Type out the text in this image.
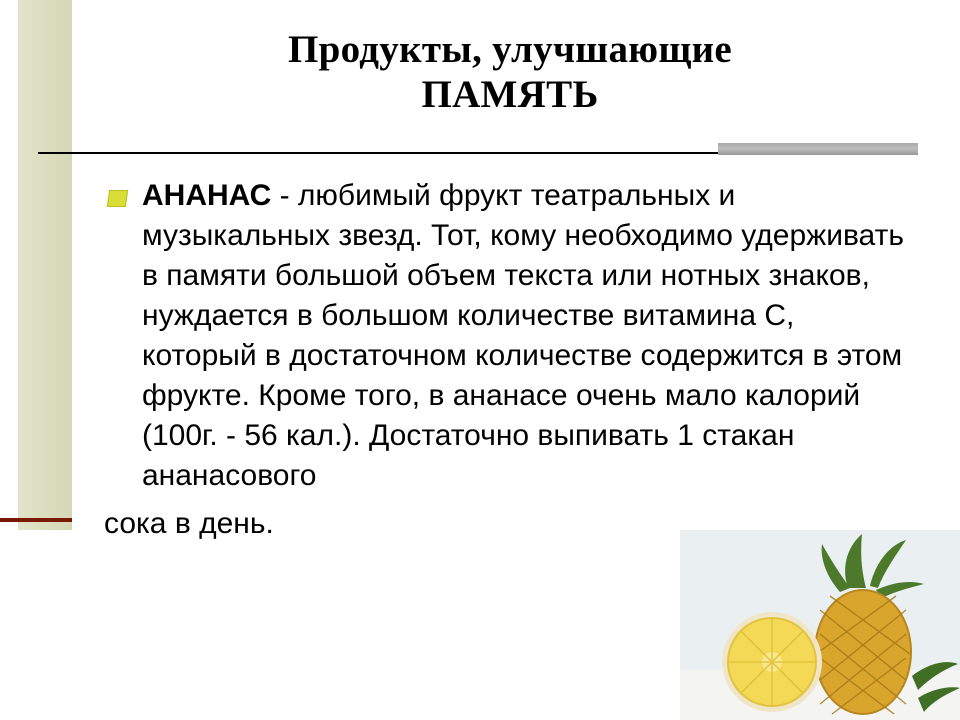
Продукты, улучшающие
ПАМЯТЬ
АНАНАС - любимый фрукт театральных и музыкальных звезд. Тот, кому необходимо удерживать в памяти большой объем текста или нотных знаков, нуждается в большом количестве витамина С, который в достаточном количестве содержится в этом фрукте. Кроме того, в ананасе очень мало калорий (100г. - 56 кал.). Достаточно выпивать 1 стакан ананасового
сока в день.
